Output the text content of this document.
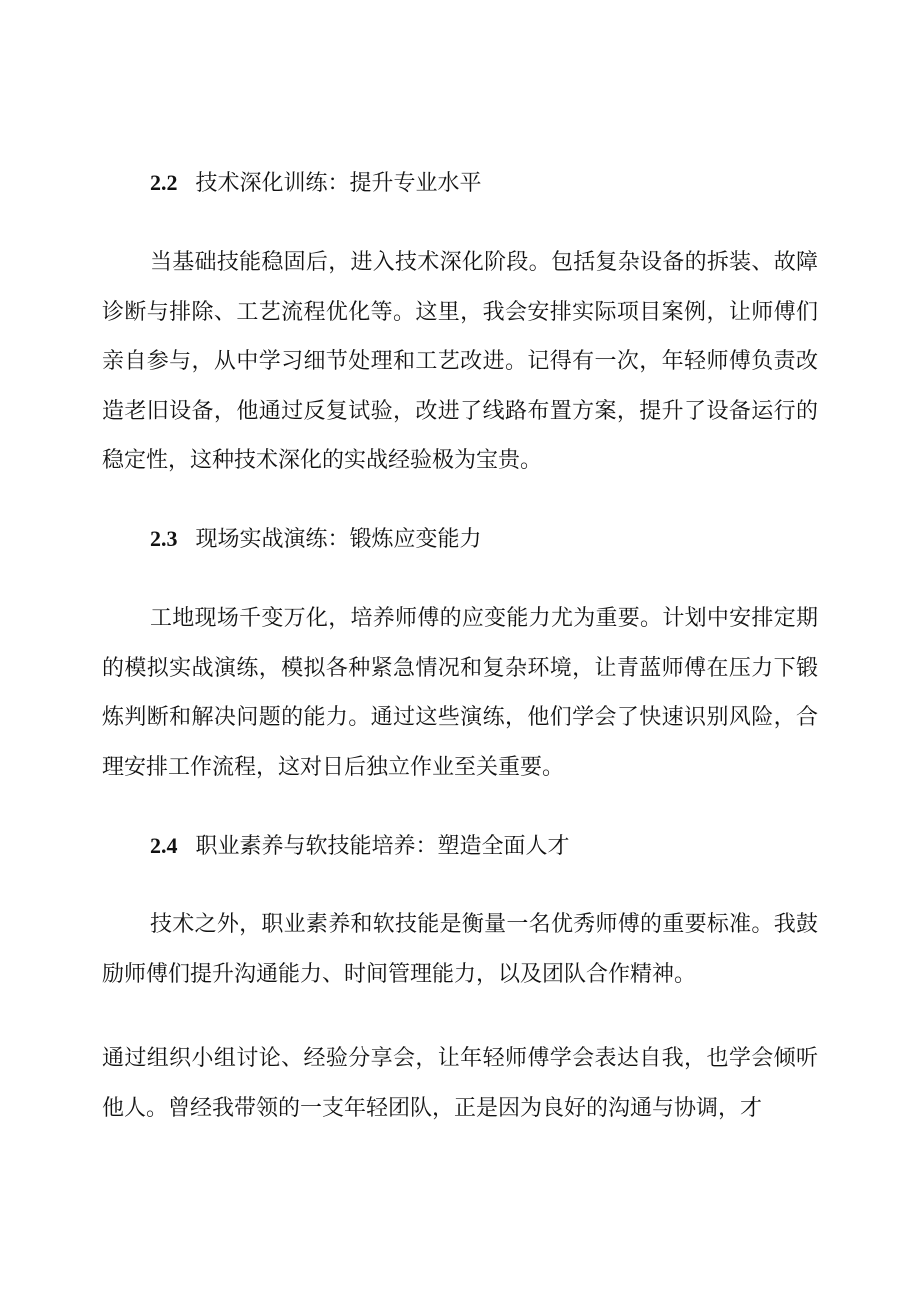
2.2 技术深化训练：提升专业水平

当基础技能稳固后，进入技术深化阶段。包括复杂设备的拆装、故障诊断与排除、工艺流程优化等。这里，我会安排实际项目案例，让师傅们亲自参与，从中学习细节处理和工艺改进。记得有一次，年轻师傅负责改造老旧设备，他通过反复试验，改进了线路布置方案，提升了设备运行的稳定性，这种技术深化的实战经验极为宝贵。

2.3 现场实战演练：锻炼应变能力

工地现场千变万化，培养师傅的应变能力尤为重要。计划中安排定期的模拟实战演练，模拟各种紧急情况和复杂环境，让青蓝师傅在压力下锻炼判断和解决问题的能力。通过这些演练，他们学会了快速识别风险，合理安排工作流程，这对日后独立作业至关重要。

2.4 职业素养与软技能培养：塑造全面人才

技术之外，职业素养和软技能是衡量一名优秀师傅的重要标准。我鼓励师傅们提升沟通能力、时间管理能力，以及团队合作精神。

通过组织小组讨论、经验分享会，让年轻师傅学会表达自我，也学会倾听他人。曾经我带领的一支年轻团队，正是因为良好的沟通与协调，才
